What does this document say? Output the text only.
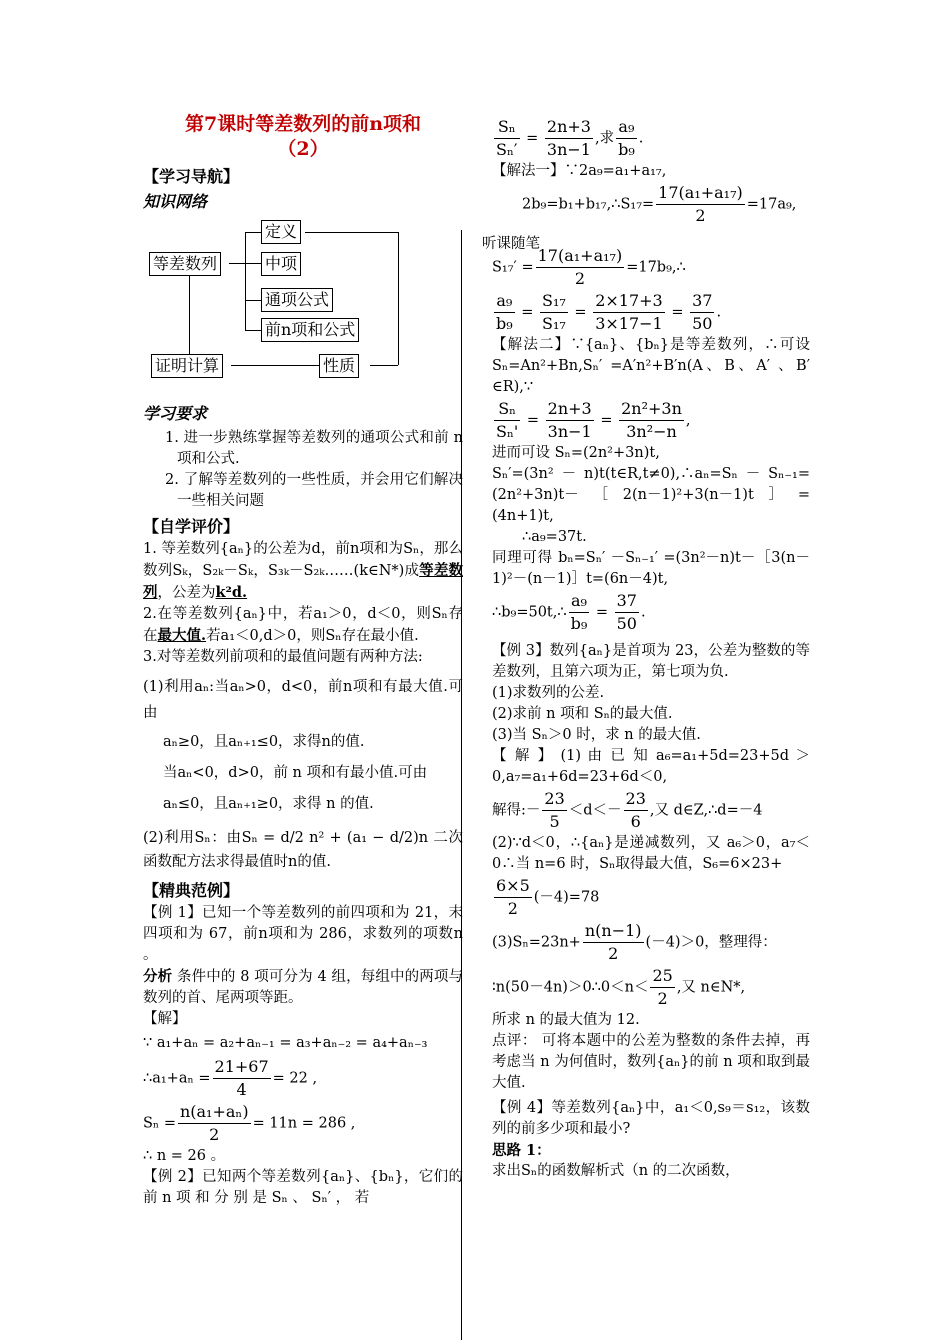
听课随笔

第7课时等差数列的前n项和

（2）

【学习导航】
知识网络
等差数列
定义
中项
通项公式
前n项和公式
证明计算	性质
学习要求

1. 进一步熟练掌握等差数列的通项公式和前 n项和公式.

2. 了解等差数列的一些性质，并会用它们解决一些相关问题

【自学评价】

1. 等差数列{aₙ}的公差为d，前n项和为Sₙ，那么数列Sₖ，S₂ₖ－Sₖ，S₃ₖ－S₂ₖ……(k∈N*)成等差数列，公差为k²d.

2.在等差数列{aₙ}中，若a₁＞0，d＜0，则Sₙ存在最大值.若a₁＜0,d＞0，则Sₙ存在最小值.

3.对等差数列前项和的最值问题有两种方法:

(1)利用aₙ:当aₙ>0，d<0，前n项和有最大值.可由

aₙ≥0，且aₙ₊₁≤0，求得n的值.

当aₙ<0，d>0，前 n 项和有最小值.可由

aₙ≤0，且aₙ₊₁≥0，求得 n 的值.

(2)利用Sₙ：由Sₙ = d/2 n² + (a₁ − d/2)n 二次函数配方法求得最值时n的值.

【精典范例】

【例 1】已知一个等差数列的前四项和为 21，末四项和为 67，前n项和为 286，求数列的项数n 。

分析 条件中的 8 项可分为 4 组，每组中的两项与数列的首、尾两项等距。

【解】

∵ a₁+aₙ = a₂+aₙ₋₁ = a₃+aₙ₋₂ = a₄+aₙ₋₃

∴a₁+aₙ = $\frac{21+67}{4} = 22$ ,

$S_n = \frac{\text{n(a₁+aₙ)}}{2} = 11n = 286$ ,

∴ n = 26 。

【例 2】已知两个等差数列{aₙ}、{bₙ}，它们的 前 n 项 和 分 别 是 Sₙ 、 Sₙ′ ， 若

$\frac{\text{Sₙ}}{\text{Sₙ′}} = \frac{2n+3}{3n-1}$ ,求 $\frac{\text{a₉}}{\text{b₉}}$ .

【解法一】∵2a₉=a₁+a₁₇,

2b₉=b₁+b₁₇,∴S₁₇= $\frac{\text{17(a₁+a₁₇)}}{2} =17a_9$,

$S_{17}' = \frac{\text{17(a₁+a₁₇)}}{2}$ =17b₉,∴

$\frac{\text{a₉}}{\text{b₉}} = \frac{\text{S₁₇}}{\text{S₁₇}} = \frac{2\times 17+3}{3\times 17-1} = \frac{37}{50}$ .

【解法二】∵{aₙ}、{bₙ}是等差数列，∴可设Sₙ=An²+Bn,Sₙ′ =A′n²+B′n(A、B、A′ 、B′ ∈R),∵

$\frac{\text{Sₙ}}{\text{Sₙ'}} = \frac{2n+3}{3n-1} = \frac{\text{2n²+3n}}{\text{3n²−n}}$ ,

进而可设 Sₙ=(2n²+3n)t,

Sₙ′=(3n² － n)t(t∈R,t≠0),∴aₙ=Sₙ － Sₙ₋₁=(2n²+3n)t－［2(n－1)²+3(n－1)t］=(4n+1)t,

∴a₉=37t.

同理可得 bₙ=Sₙ′ －Sₙ₋₁′ =(3n²－n)t－［3(n－1)²－(n－1)］t=(6n－4)t,

∴b₉=50t,∴ $\frac{\text{a₉}}{\text{b₉}} = \frac{37}{50}$ .

【例 3】数列{aₙ}是首项为 23，公差为整数的等差数列，且第六项为正，第七项为负.

(1)求数列的公差.

(2)求前 n 项和 Sₙ的最大值.

(3)当 Sₙ＞0 时，求 n 的最大值.

【 解 】 (1) 由 已 知 a₆=a₁+5d=23+5d ＞0,a₇=a₁+6d=23+6d＜0,

解得:－ $\frac{23}{5} <d<- \frac{23}{6}$ ,又 d∈Z,∴d=－4

(2)∵d＜0，∴{aₙ}是递减数列，又 a₆＞0，a₇＜0∴当 n=6 时，Sₙ取得最大值，S₆=6×23+

$\frac{6\times 5}{2} (-4)=78$

$(3)S_n=23n+ \frac{n(n-1)}{2} (-4)>0$，整理得：

∶n(50－4n)＞0∴0＜n＜ $\frac{25}{2}$ ,又 n∈N*,

所求 n 的最大值为 12.

点评： 可将本题中的公差为整数的条件去掉，再考虑当 n 为何值时，数列{aₙ}的前 n 项和取到最大值.

【例 4】等差数列{aₙ}中，a₁＜0,s₉＝s₁₂，该数列的前多少项和最小?

思路 1：

求出Sₙ的函数解析式（n 的二次函数，
